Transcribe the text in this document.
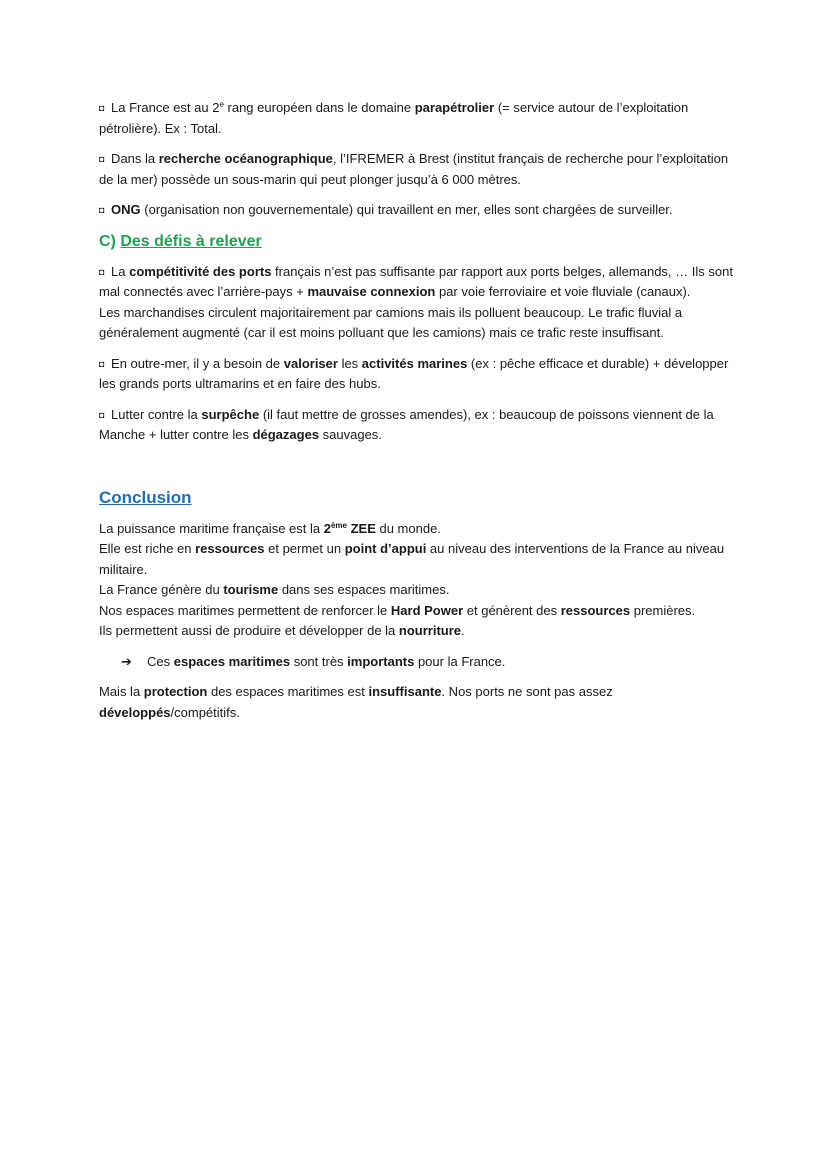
◘ La France est au 2e rang européen dans le domaine parapétrolier (= service autour de l’exploitation pétrolière). Ex : Total.

◘ Dans la recherche océanographique, l’IFREMER à Brest (institut français de recherche pour l’exploitation de la mer) possède un sous-marin qui peut plonger jusqu’à 6 000 mètres.

◘ ONG (organisation non gouvernementale) qui travaillent en mer, elles sont chargées de surveiller.

C) Des défis à relever

◘ La compétitivité des ports français n’est pas suffisante par rapport aux ports belges, allemands, … Ils sont mal connectés avec l’arrière-pays + mauvaise connexion par voie ferroviaire et voie fluviale (canaux).
Les marchandises circulent majoritairement par camions mais ils polluent beaucoup. Le trafic fluvial a généralement augmenté (car il est moins polluant que les camions) mais ce trafic reste insuffisant.

◘ En outre-mer, il y a besoin de valoriser les activités marines (ex : pêche efficace et durable) + développer les grands ports ultramarins et en faire des hubs.

◘ Lutter contre la surpêche (il faut mettre de grosses amendes), ex : beaucoup de poissons viennent de la Manche + lutter contre les dégazages sauvages.

Conclusion

La puissance maritime française est la 2ème ZEE du monde.
Elle est riche en ressources et permet un point d’appui au niveau des interventions de la France au niveau militaire.
La France génère du tourisme dans ses espaces maritimes.
Nos espaces maritimes permettent de renforcer le Hard Power et génèrent des ressources premières.
Ils permettent aussi de produire et développer de la nourriture.

➔ Ces espaces maritimes sont très importants pour la France.

Mais la protection des espaces maritimes est insuffisante. Nos ports ne sont pas assez développés/compétitifs.
